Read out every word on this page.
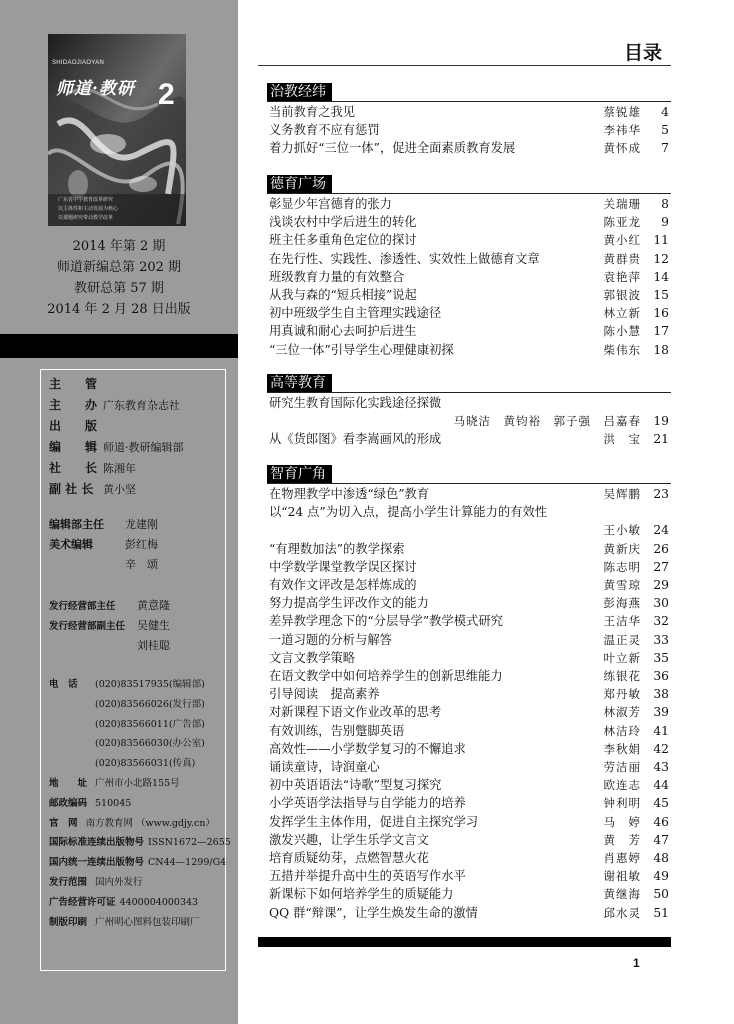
SHIDAOJIAOYAN
师道·教研 2
广东省中学教育改革研究
以主体性和主动发展为核心
以课题研究带动教学改革
2014 年第 2 期
师道新编总第 202 期
教研总第 57 期
2014 年 2 月 28 日出版
主　　管
主　　办 广东教育杂志社
出　　版
编　　辑 师道·教研编辑部
社　　长 陈湘年
副 社 长 黄小坚
编辑部主任 龙建刚
美术编辑	彭红梅
辛　颂
发行经营部主任 黄意隆
发行经营部副主任 吴健生
刘桂聪
电　话 (020)83517935(编辑部)
(020)83566026(发行部)
(020)83566011(广告部)
(020)83566030(办公室)
(020)83566031(传真)
地　　址 广州市小北路155号
邮政编码 510045
官　网 南方教育网 （www.gdjy.cn）
国际标准连续出版物号 ISSN1672—2655
国内统一连续出版物号 CN44—1299/G4
发行范围 国内外发行
广告经营许可证 4400004000343
制版印刷 广州明心图料包装印刷厂
目录
治教经纬
当前教育之我见	蔡锐雄	4
义务教育不应有惩罚	李祎华	5
着力抓好“三位一体”，促进全面素质教育发展	黄怀成	7
德育广场
彰显少年宫德育的张力	关瑞珊	8
浅谈农村中学后进生的转化	陈亚龙	9
班主任多重角色定位的探讨	黄小红	11
在先行性、实践性、渗透性、实效性上做德育文章	黄群贵	12
班级教育力量的有效整合	袁艳萍	14
从我与森的“短兵相接”说起	郭银波	15
初中班级学生自主管理实践途径	林立新	16
用真诚和耐心去呵护后进生	陈小慧	17
“三位一体”引导学生心理健康初探	柴伟东	18
高等教育
研究生教育国际化实践途径探微
马晓洁　黄钧裕　郭子强　吕嘉春	19
从《货郎图》看李嵩画风的形成	洪　宝	21
智育广角
在物理教学中渗透“绿色”教育	吴辉鹏	23
以“24 点”为切入点，提高小学生计算能力的有效性
王小敏	24
“有理数加法”的教学探索	黄新庆	26
中学数学课堂教学误区探讨	陈志明	27
有效作文评改是怎样炼成的	黄雪琼	29
努力提高学生评改作文的能力	彭海燕	30
差异教学理念下的“分层导学”教学模式研究	王洁华	32
一道习题的分析与解答	温正灵	33
文言文教学策略	叶立新	35
在语文教学中如何培养学生的创新思维能力	练银花	36
引导阅读　提高素养	郑丹敏	38
对新课程下语文作业改革的思考	林淑芳	39
有效训练，告别蹩脚英语	林洁玲	41
高效性——小学数学复习的不懈追求	李秋娟	42
诵读童诗，诗润童心	劳洁丽	43
初中英语语法“诗歌”型复习探究	欧连志	44
小学英语学法指导与自学能力的培养	钟利明	45
发挥学生主体作用，促进自主探究学习	马　婷	46
激发兴趣，让学生乐学文言文	黄　芳	47
培育质疑幼芽，点燃智慧火花	肖惠婷	48
五措并举提升高中生的英语写作水平	谢祖敏	49
新课标下如何培养学生的质疑能力	黄继海	50
QQ 群“辩课”，让学生焕发生命的激情	邱水灵	51
1
